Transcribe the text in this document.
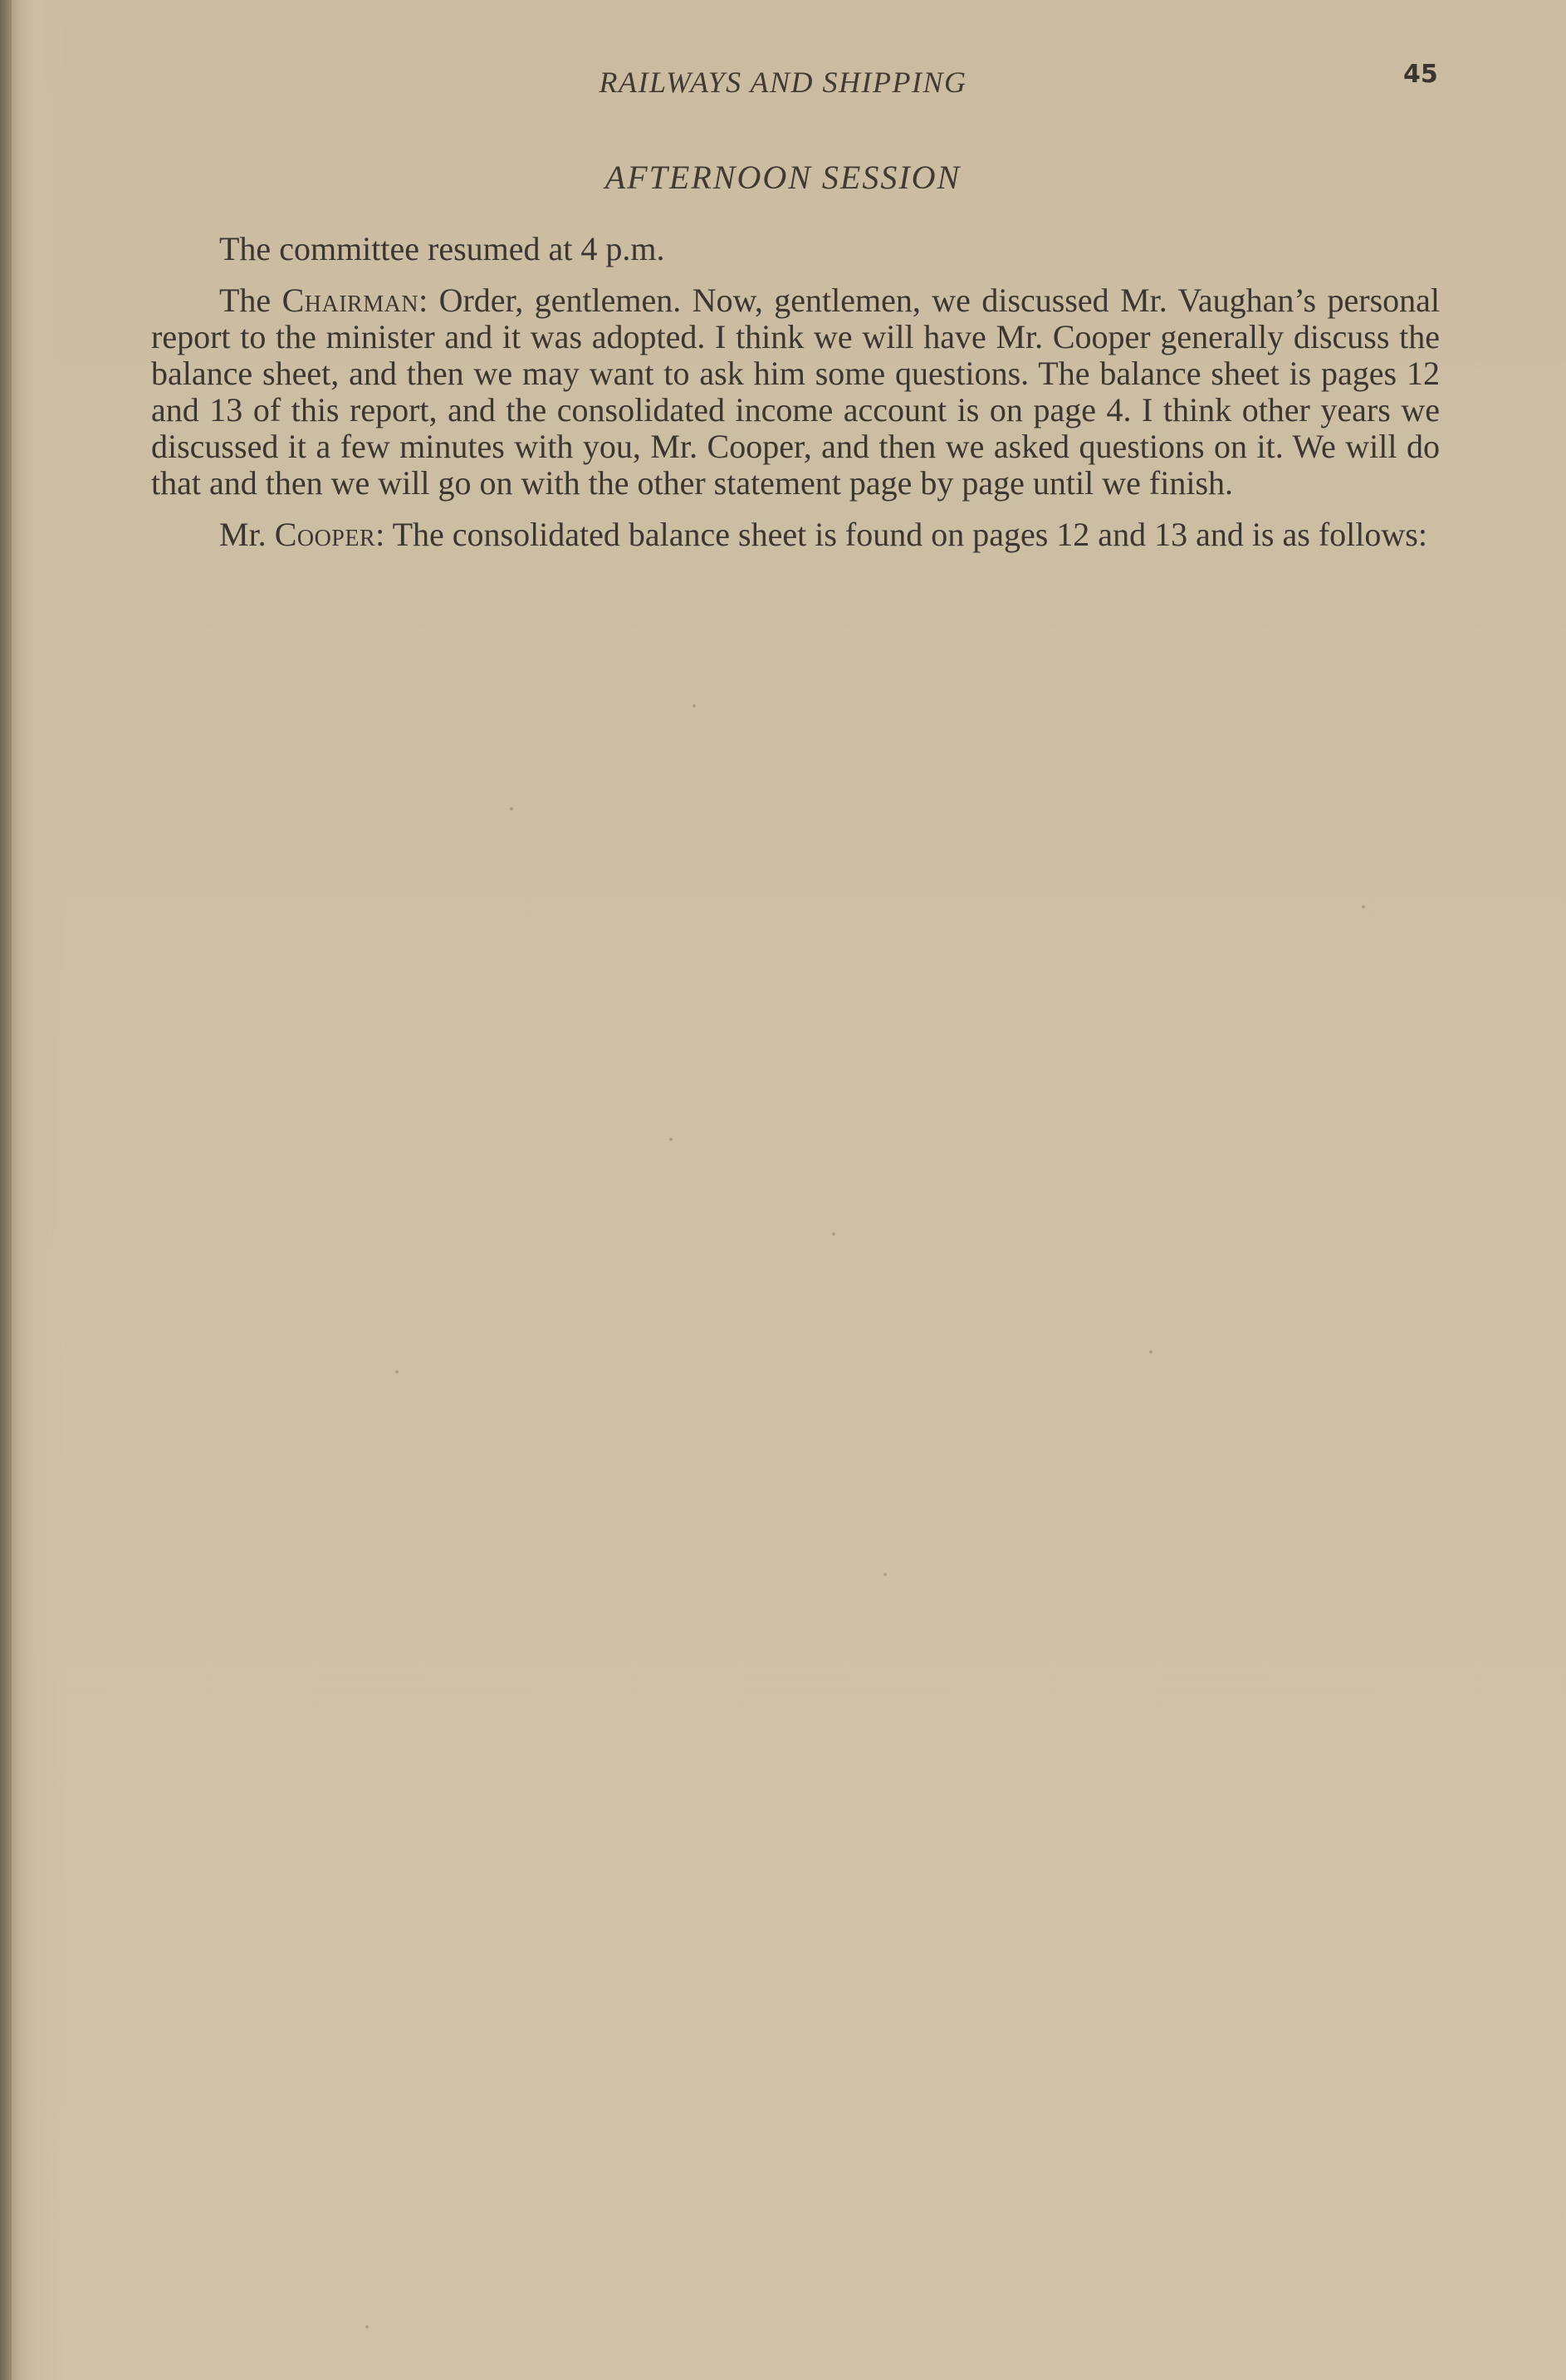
RAILWAYS AND SHIPPING	45
AFTERNOON SESSION

The committee resumed at 4 p.m.

The Chairman: Order, gentlemen. Now, gentlemen, we discussed Mr. Vaughan’s personal report to the minister and it was adopted. I think we will have Mr. Cooper generally discuss the balance sheet, and then we may want to ask him some questions. The balance sheet is pages 12 and 13 of this report, and the consolidated income account is on page 4. I think other years we discussed it a few minutes with you, Mr. Cooper, and then we asked questions on it. We will do that and then we will go on with the other statement page by page until we finish.

Mr. Cooper: The consolidated balance sheet is found on pages 12 and 13 and is as follows:
